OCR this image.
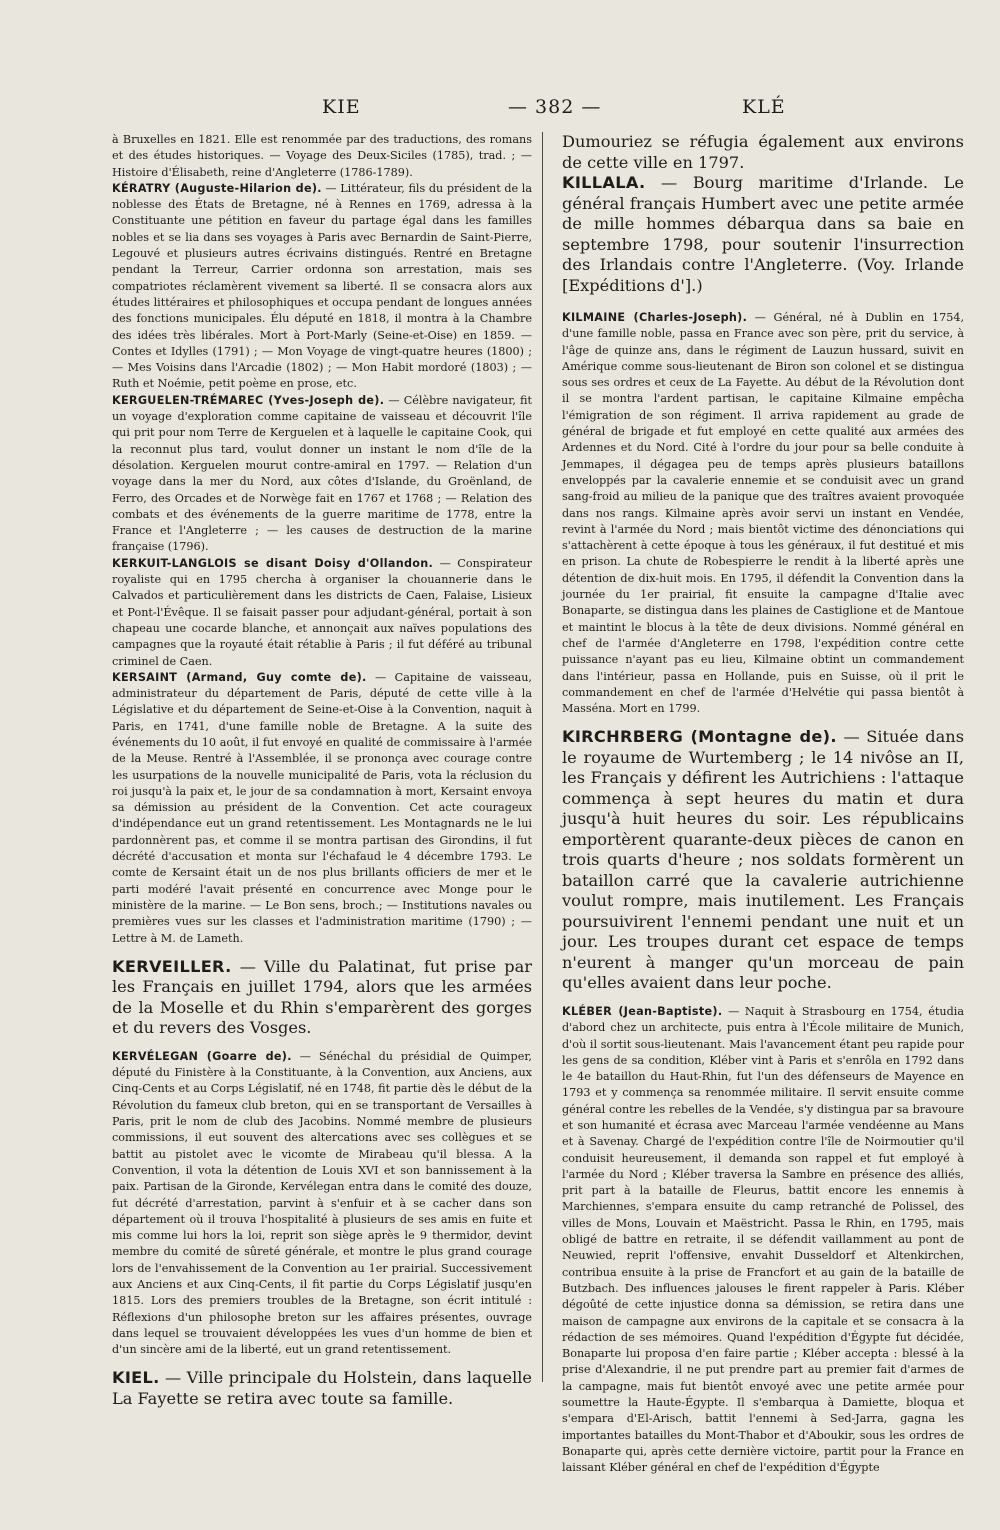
KIE	— 382 —	KLÉ

à Bruxelles en 1821. Elle est renommée par des traductions, des romans et des études historiques. — Voyage des Deux-Siciles (1785), trad. ; — Histoire d'Élisabeth, reine d'Angleterre (1786-1789).

KÉRATRY (Auguste-Hilarion de). — Littérateur, fils du président de la noblesse des États de Bretagne, né à Rennes en 1769, adressa à la Constituante une pétition en faveur du partage égal dans les familles nobles et se lia dans ses voyages à Paris avec Bernardin de Saint-Pierre, Legouvé et plusieurs autres écrivains distingués. Rentré en Bretagne pendant la Terreur, Carrier ordonna son arrestation, mais ses compatriotes réclamèrent vivement sa liberté. Il se consacra alors aux études littéraires et philosophiques et occupa pendant de longues années des fonctions municipales. Élu député en 1818, il montra à la Chambre des idées très libérales. Mort à Port-Marly (Seine-et-Oise) en 1859. — Contes et Idylles (1791) ; — Mon Voyage de vingt-quatre heures (1800) ; — Mes Voisins dans l'Arcadie (1802) ; — Mon Habit mordoré (1803) ; — Ruth et Noémie, petit poème en prose, etc.

KERGUELEN-TRÉMAREC (Yves-Joseph de). — Célèbre navigateur, fit un voyage d'exploration comme capitaine de vaisseau et découvrit l'île qui prit pour nom Terre de Kerguelen et à laquelle le capitaine Cook, qui la reconnut plus tard, voulut donner un instant le nom d'île de la désolation. Kerguelen mourut contre-amiral en 1797. — Relation d'un voyage dans la mer du Nord, aux côtes d'Islande, du Groënland, de Ferro, des Orcades et de Norwège fait en 1767 et 1768 ; — Relation des combats et des événements de la guerre maritime de 1778, entre la France et l'Angleterre ; — les causes de destruction de la marine française (1796).

KERKUIT-LANGLOIS se disant Doisy d'Ollandon. — Conspirateur royaliste qui en 1795 chercha à organiser la chouannerie dans le Calvados et particulièrement dans les districts de Caen, Falaise, Lisieux et Pont-l'Évêque. Il se faisait passer pour adjudant-général, portait à son chapeau une cocarde blanche, et annonçait aux naïves populations des campagnes que la royauté était rétablie à Paris ; il fut déféré au tribunal criminel de Caen.

KERSAINT (Armand, Guy comte de). — Capitaine de vaisseau, administrateur du département de Paris, député de cette ville à la Législative et du département de Seine-et-Oise à la Convention, naquit à Paris, en 1741, d'une famille noble de Bretagne. A la suite des événements du 10 août, il fut envoyé en qualité de commissaire à l'armée de la Meuse. Rentré à l'Assemblée, il se prononça avec courage contre les usurpations de la nouvelle municipalité de Paris, vota la réclusion du roi jusqu'à la paix et, le jour de sa condamnation à mort, Kersaint envoya sa démission au président de la Convention. Cet acte courageux d'indépendance eut un grand retentissement. Les Montagnards ne le lui pardonnèrent pas, et comme il se montra partisan des Girondins, il fut décrété d'accusation et monta sur l'échafaud le 4 décembre 1793. Le comte de Kersaint était un de nos plus brillants officiers de mer et le parti modéré l'avait présenté en concurrence avec Monge pour le ministère de la marine. — Le Bon sens, broch.; — Institutions navales ou premières vues sur les classes et l'administration maritime (1790) ; — Lettre à M. de Lameth.

KERVEILLER. — Ville du Palatinat, fut prise par les Français en juillet 1794, alors que les armées de la Moselle et du Rhin s'emparèrent des gorges et du revers des Vosges.

KERVÉLEGAN (Goarre de). — Sénéchal du présidial de Quimper, député du Finistère à la Constituante, à la Convention, aux Anciens, aux Cinq-Cents et au Corps Législatif, né en 1748, fit partie dès le début de la Révolution du fameux club breton, qui en se transportant de Versailles à Paris, prit le nom de club des Jacobins. Nommé membre de plusieurs commissions, il eut souvent des altercations avec ses collègues et se battit au pistolet avec le vicomte de Mirabeau qu'il blessa. A la Convention, il vota la détention de Louis XVI et son bannissement à la paix. Partisan de la Gironde, Kervélegan entra dans le comité des douze, fut décrété d'arrestation, parvint à s'enfuir et à se cacher dans son département où il trouva l'hospitalité à plusieurs de ses amis en fuite et mis comme lui hors la loi, reprit son siège après le 9 thermidor, devint membre du comité de sûreté générale, et montre le plus grand courage lors de l'envahissement de la Convention au 1er prairial. Successivement aux Anciens et aux Cinq-Cents, il fit partie du Corps Législatif jusqu'en 1815. Lors des premiers troubles de la Bretagne, son écrit intitulé : Réflexions d'un philosophe breton sur les affaires présentes, ouvrage dans lequel se trouvaient développées les vues d'un homme de bien et d'un sincère ami de la liberté, eut un grand retentissement.

KIEL. — Ville principale du Holstein, dans laquelle La Fayette se retira avec toute sa famille.

Dumouriez se réfugia également aux environs de cette ville en 1797.

KILLALA. — Bourg maritime d'Irlande. Le général français Humbert avec une petite armée de mille hommes débarqua dans sa baie en septembre 1798, pour soutenir l'insurrection des Irlandais contre l'Angleterre. (Voy. Irlande [Expéditions d'].)

KILMAINE (Charles-Joseph). — Général, né à Dublin en 1754, d'une famille noble, passa en France avec son père, prit du service, à l'âge de quinze ans, dans le régiment de Lauzun hussard, suivit en Amérique comme sous-lieutenant de Biron son colonel et se distingua sous ses ordres et ceux de La Fayette. Au début de la Révolution dont il se montra l'ardent partisan, le capitaine Kilmaine empêcha l'émigration de son régiment. Il arriva rapidement au grade de général de brigade et fut employé en cette qualité aux armées des Ardennes et du Nord. Cité à l'ordre du jour pour sa belle conduite à Jemmapes, il dégagea peu de temps après plusieurs bataillons enveloppés par la cavalerie ennemie et se conduisit avec un grand sang-froid au milieu de la panique que des traîtres avaient provoquée dans nos rangs. Kilmaine après avoir servi un instant en Vendée, revint à l'armée du Nord ; mais bientôt victime des dénonciations qui s'attachèrent à cette époque à tous les généraux, il fut destitué et mis en prison. La chute de Robespierre le rendit à la liberté après une détention de dix-huit mois. En 1795, il défendit la Convention dans la journée du 1er prairial, fit ensuite la campagne d'Italie avec Bonaparte, se distingua dans les plaines de Castiglione et de Mantoue et maintint le blocus à la tête de deux divisions. Nommé général en chef de l'armée d'Angleterre en 1798, l'expédition contre cette puissance n'ayant pas eu lieu, Kilmaine obtint un commandement dans l'intérieur, passa en Hollande, puis en Suisse, où il prit le commandement en chef de l'armée d'Helvétie qui passa bientôt à Masséna. Mort en 1799.

KIRCHRBERG (Montagne de). — Située dans le royaume de Wurtemberg ; le 14 nivôse an II, les Français y défirent les Autrichiens : l'attaque commença à sept heures du matin et dura jusqu'à huit heures du soir. Les républicains emportèrent quarante-deux pièces de canon en trois quarts d'heure ; nos soldats formèrent un bataillon carré que la cavalerie autrichienne voulut rompre, mais inutilement. Les Français poursuivirent l'ennemi pendant une nuit et un jour. Les troupes durant cet espace de temps n'eurent à manger qu'un morceau de pain qu'elles avaient dans leur poche.

KLÉBER (Jean-Baptiste). — Naquit à Strasbourg en 1754, étudia d'abord chez un architecte, puis entra à l'École militaire de Munich, d'où il sortit sous-lieutenant. Mais l'avancement étant peu rapide pour les gens de sa condition, Kléber vint à Paris et s'enrôla en 1792 dans le 4e bataillon du Haut-Rhin, fut l'un des défenseurs de Mayence en 1793 et y commença sa renommée militaire. Il servit ensuite comme général contre les rebelles de la Vendée, s'y distingua par sa bravoure et son humanité et écrasa avec Marceau l'armée vendéenne au Mans et à Savenay. Chargé de l'expédition contre l'île de Noirmoutier qu'il conduisit heureusement, il demanda son rappel et fut employé à l'armée du Nord ; Kléber traversa la Sambre en présence des alliés, prit part à la bataille de Fleurus, battit encore les ennemis à Marchiennes, s'empara ensuite du camp retranché de Polissel, des villes de Mons, Louvain et Maëstricht. Passa le Rhin, en 1795, mais obligé de battre en retraite, il se défendit vaillamment au pont de Neuwied, reprit l'offensive, envahit Dusseldorf et Altenkirchen, contribua ensuite à la prise de Francfort et au gain de la bataille de Butzbach. Des influences jalouses le firent rappeler à Paris. Kléber dégoûté de cette injustice donna sa démission, se retira dans une maison de campagne aux environs de la capitale et se consacra à la rédaction de ses mémoires. Quand l'expédition d'Égypte fut décidée, Bonaparte lui proposa d'en faire partie ; Kléber accepta : blessé à la prise d'Alexandrie, il ne put prendre part au premier fait d'armes de la campagne, mais fut bientôt envoyé avec une petite armée pour soumettre la Haute-Égypte. Il s'embarqua à Damiette, bloqua et s'empara d'El-Arisch, battit l'ennemi à Sed-Jarra, gagna les importantes batailles du Mont-Thabor et d'Aboukir, sous les ordres de Bonaparte qui, après cette dernière victoire, partit pour la France en laissant Kléber général en chef de l'expédition d'Égypte
